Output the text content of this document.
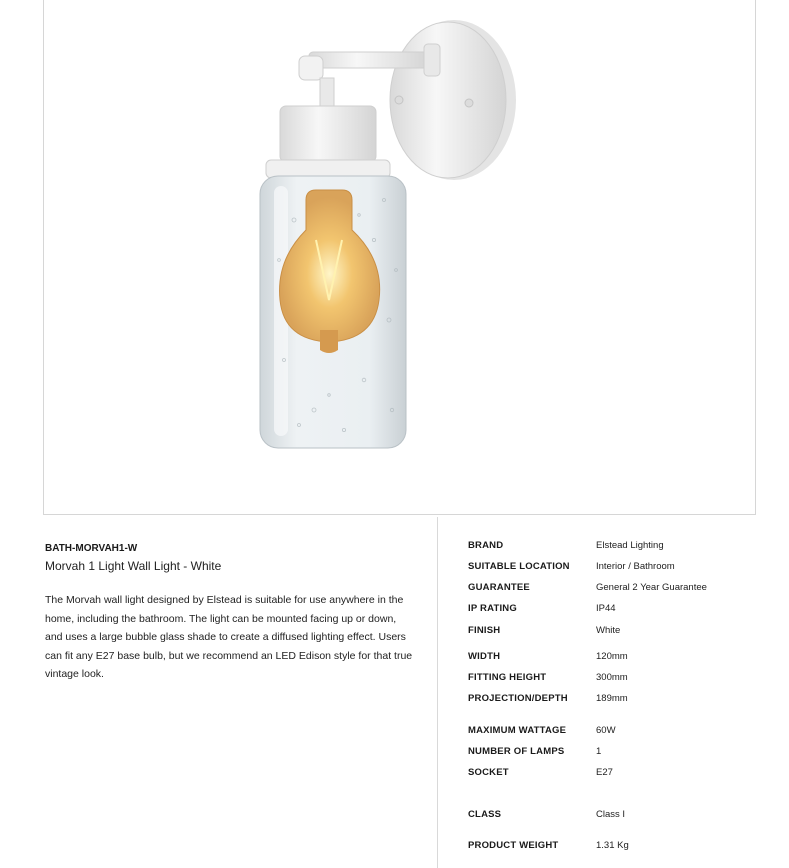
BATH-MORVAH1-W
Morvah 1 Light Wall Light - White
The Morvah wall light designed by Elstead is suitable for use anywhere in the home, including the bathroom. The light can be mounted facing up or down, and uses a large bubble glass shade to create a diffused lighting effect. Users can fit any E27 base bulb, but we recommend an LED Edison style for that true vintage look.
BRAND	Elstead Lighting
SUITABLE LOCATION	Interior / Bathroom
GUARANTEE	General 2 Year Guarantee
IP RATING	IP44
FINISH	White
WIDTH	120mm
FITTING HEIGHT	300mm
PROJECTION/DEPTH	189mm
MAXIMUM WATTAGE	60W
NUMBER OF LAMPS	1
SOCKET	E27
CLASS	Class I
PRODUCT WEIGHT	1.31 Kg
